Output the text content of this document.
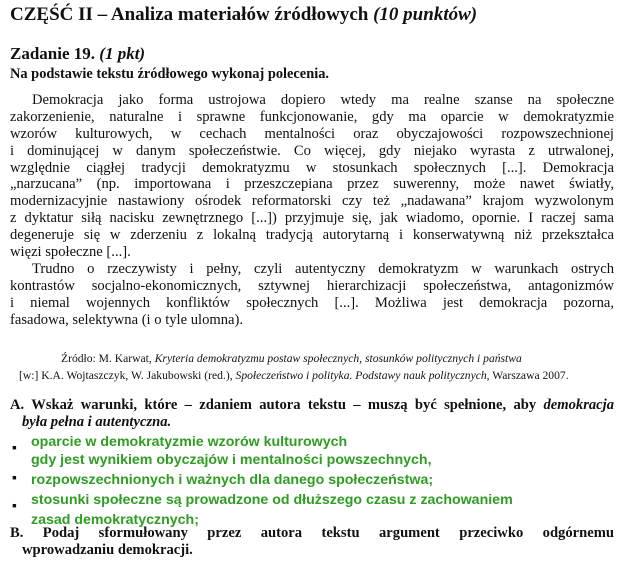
CZĘŚĆ II – Analiza materiałów źródłowych (10 punktów)
Zadanie 19. (1 pkt)
Na podstawie tekstu źródłowego wykonaj polecenia.
Demokracja jako forma ustrojowa dopiero wtedy ma realne szanse na społeczne
zakorzenienie, naturalne i sprawne funkcjonowanie, gdy ma oparcie w demokratyzmie
wzorów kulturowych, w cechach mentalności oraz obyczajowości rozpowszechnionej
i dominującej w danym społeczeństwie. Co więcej, gdy niejako wyrasta z utrwalonej,
względnie ciągłej tradycji demokratyzmu w stosunkach społecznych [...]. Demokracja
„narzucana” (np. importowana i przeszczepiana przez suwerenny, może nawet światły,
modernizacyjnie nastawiony ośrodek reformatorski czy też „nadawana” krajom wyzwolonym
z dyktatur siłą nacisku zewnętrznego [...]) przyjmuje się, jak wiadomo, opornie. I raczej sama
degeneruje się w zderzeniu z lokalną tradycją autorytarną i konserwatywną niż przekształca
więzi społeczne [...].
Trudno o rzeczywisty i pełny, czyli autentyczny demokratyzm w warunkach ostrych
kontrastów socjalno-ekonomicznych, sztywnej hierarchizacji społeczeństwa, antagonizmów
i niemal wojennych konfliktów społecznych [...]. Możliwa jest demokracja pozorna,
fasadowa, selektywna (i o tyle ulomna).
Źródło: M. Karwat, Kryteria demokratyzmu postaw społecznych, stosunków politycznych i państwa
[w:] K.A. Wojtaszczyk, W. Jakubowski (red.), Społeczeństwo i polityka. Podstawy nauk politycznych, Warszawa 2007.
A. Wskaż warunki, które – zdaniem autora tekstu – muszą być spełnione, aby demokracja
była pełna i autentyczna.
▪
▪
▪
oparcie w demokratyzmie wzorów kulturowych
gdy jest wynikiem obyczajów i mentalności powszechnych,
rozpowszechnionych i ważnych dla danego społeczeństwa;
stosunki społeczne są prowadzone od dłuższego czasu z zachowaniem
zasad demokratycznych;
B. Podaj sformułowany przez autora tekstu argument przeciwko odgórnemu
wprowadzaniu demokracji.
